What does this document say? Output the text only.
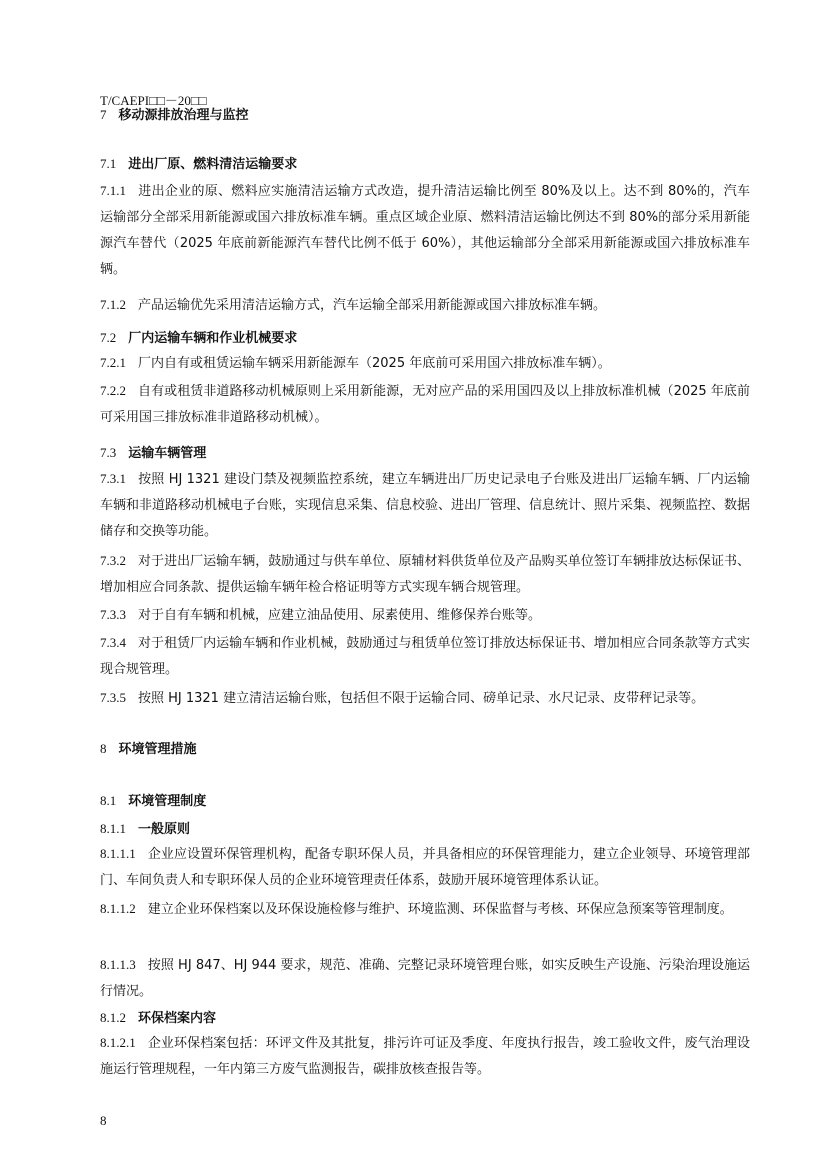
T/CAEPI□□－20□□
7 移动源排放治理与监控
7.1 进出厂原、燃料清洁运输要求
7.1.1 进出企业的原、燃料应实施清洁运输方式改造，提升清洁运输比例至 80%及以上。达不到 80%的，汽车运输部分全部采用新能源或国六排放标准车辆。重点区域企业原、燃料清洁运输比例达不到 80%的部分采用新能源汽车替代（2025 年底前新能源汽车替代比例不低于 60%），其他运输部分全部采用新能源或国六排放标准车辆。
7.1.2 产品运输优先采用清洁运输方式，汽车运输全部采用新能源或国六排放标准车辆。
7.2 厂内运输车辆和作业机械要求
7.2.1 厂内自有或租赁运输车辆采用新能源车（2025 年底前可采用国六排放标准车辆）。
7.2.2 自有或租赁非道路移动机械原则上采用新能源，无对应产品的采用国四及以上排放标准机械（2025 年底前可采用国三排放标准非道路移动机械）。
7.3 运输车辆管理
7.3.1 按照 HJ 1321 建设门禁及视频监控系统，建立车辆进出厂历史记录电子台账及进出厂运输车辆、厂内运输车辆和非道路移动机械电子台账，实现信息采集、信息校验、进出厂管理、信息统计、照片采集、视频监控、数据储存和交换等功能。
7.3.2 对于进出厂运输车辆，鼓励通过与供车单位、原辅材料供货单位及产品购买单位签订车辆排放达标保证书、增加相应合同条款、提供运输车辆年检合格证明等方式实现车辆合规管理。
7.3.3 对于自有车辆和机械，应建立油品使用、尿素使用、维修保养台账等。
7.3.4 对于租赁厂内运输车辆和作业机械，鼓励通过与租赁单位签订排放达标保证书、增加相应合同条款等方式实现合规管理。
7.3.5 按照 HJ 1321 建立清洁运输台账，包括但不限于运输合同、磅单记录、水尺记录、皮带秤记录等。
8 环境管理措施
8.1 环境管理制度
8.1.1 一般原则
8.1.1.1 企业应设置环保管理机构，配备专职环保人员，并具备相应的环保管理能力，建立企业领导、环境管理部门、车间负责人和专职环保人员的企业环境管理责任体系，鼓励开展环境管理体系认证。
8.1.1.2 建立企业环保档案以及环保设施检修与维护、环境监测、环保监督与考核、环保应急预案等管理制度。
8.1.1.3 按照 HJ 847、HJ 944 要求，规范、准确、完整记录环境管理台账，如实反映生产设施、污染治理设施运行情况。
8.1.2 环保档案内容
8.1.2.1 企业环保档案包括：环评文件及其批复，排污许可证及季度、年度执行报告，竣工验收文件，废气治理设施运行管理规程，一年内第三方废气监测报告，碳排放核查报告等。
8
